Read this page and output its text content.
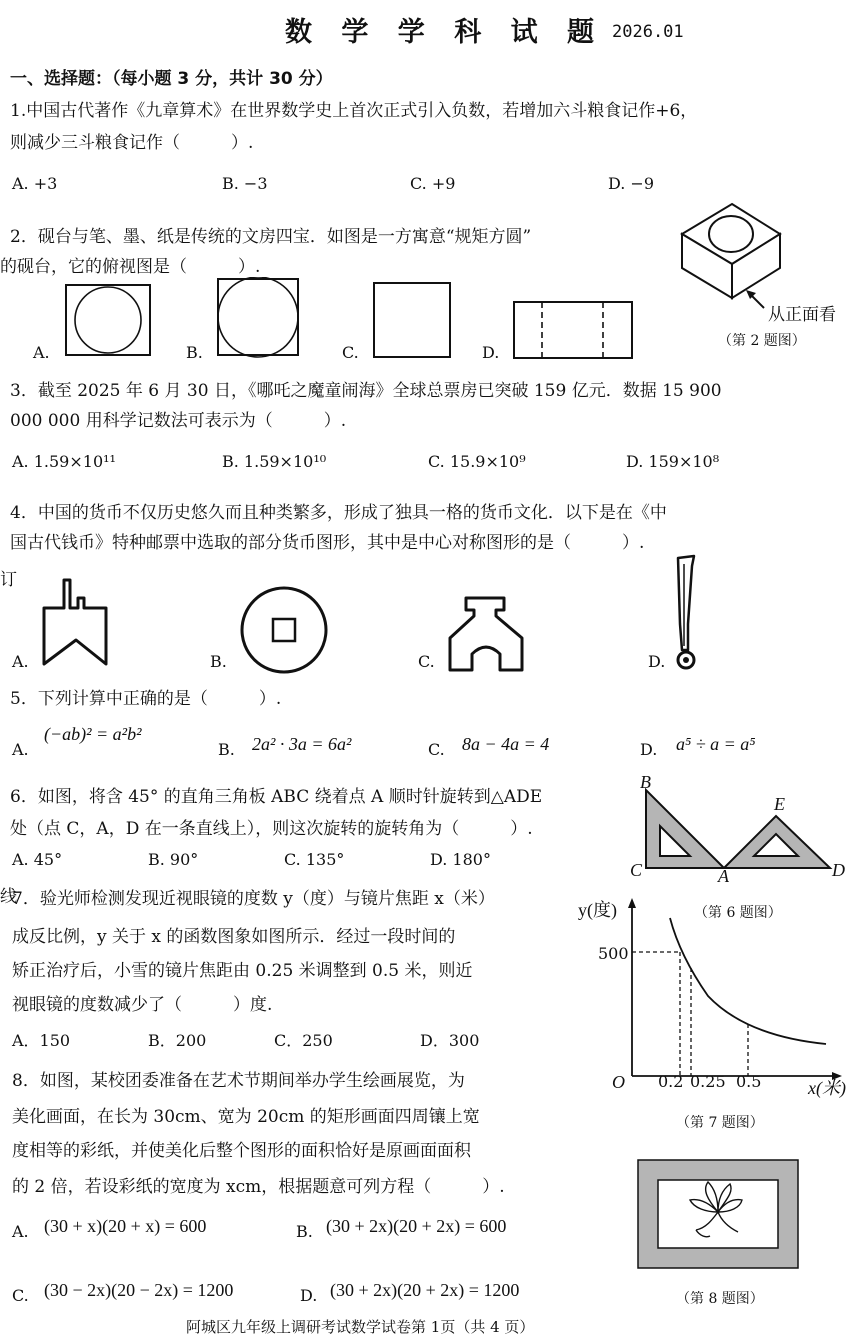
数 学 学 科 试 题 2026.01
一、选择题：（每小题 3 分，共计 30 分）
1.中国古代著作《九章算术》在世界数学史上首次正式引入负数，若增加六斗粮食记作+6，
则减少三斗粮食记作（　　　）.
A. +3	B. −3	C. +9	D. −9
2．砚台与笔、墨、纸是传统的文房四宝．如图是一方寓意“规矩方圆”
的砚台，它的俯视图是（　　　）.
从正面看
（第 2 题图）
A.	B.	C.	D.
3．截至 2025 年 6 月 30 日，《哪吒之魔童闹海》全球总票房已突破 159 亿元．数据 15 900
000 000 用科学记数法可表示为（　　　）.
A. 1.59×10¹¹	B. 1.59×10¹⁰	C. 15.9×10⁹	D. 159×10⁸
4．中国的货币不仅历史悠久而且种类繁多，形成了独具一格的货币文化．以下是在《中
国古代钱币》特种邮票中选取的部分货币图形，其中是中心对称图形的是（　　　）.
订
A.	B.	C.	D.
5．下列计算中正确的是（　　　）.
A.
(−ab)² = a²b²
B. 2a² · 3a = 6a²	C. 8a − 4a = 4	D. a⁵ ÷ a = a⁵
6．如图，将含 45° 的直角三角板 ABC 绕着点 A 顺时针旋转到△ADE
处（点 C，A，D 在一条直线上），则这次旋转的旋转角为（　　　）.
A. 45°	B. 90°	C. 135°	D. 180°
B
E
C	A	D
（第 6 题图）
线
7．验光师检测发现近视眼镜的度数 y（度）与镜片焦距 x（米）
成反比例，y 关于 x 的函数图象如图所示．经过一段时间的
矫正治疗后，小雪的镜片焦距由 0.25 米调整到 0.5 米，则近
视眼镜的度数减少了（　　　）度.
A．150	B．200	C．250	D．300
y(度)
500
O 0.2 0.25 0.5	x(米)
（第 7 题图）
8．如图，某校团委准备在艺术节期间举办学生绘画展览，为
美化画面，在长为 30cm、宽为 20cm 的矩形画面四周镶上宽
度相等的彩纸，并使美化后整个图形的面积恰好是原画面面积
的 2 倍，若设彩纸的宽度为 xcm，根据题意可列方程（　　　）.
A. (30 + x)(20 + x) = 600	B. (30 + 2x)(20 + 2x) = 600
C. (30 − 2x)(20 − 2x) = 1200	D. (30 + 2x)(20 + 2x) = 1200	（第 8 题图）
阿城区九年级上调研考试数学试卷第 1页（共 4 页）
